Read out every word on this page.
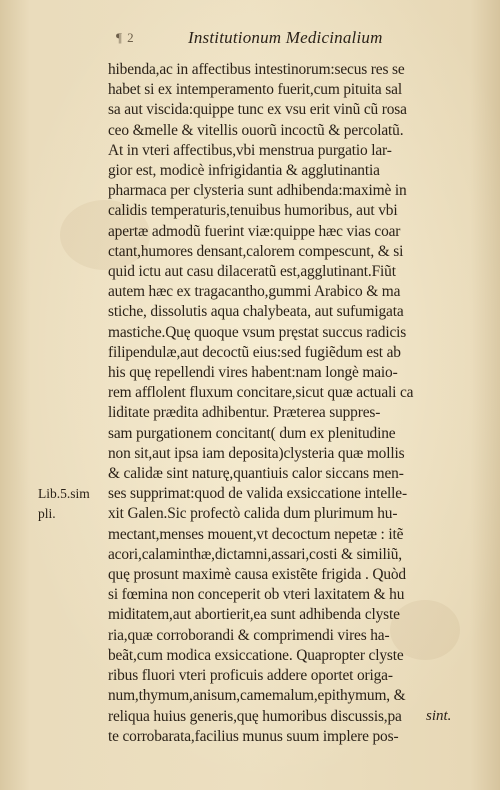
¶ 2	Institutionum Medicinalium
Lib.5.sim
pli.
hibenda,ac in affectibus intestinorum:secus res se
habet si ex intemperamento fuerit,cum pituita sal
sa aut viscida:quippe tunc ex vsu erit vinũ cũ rosa
ceo &melle & vitellis ouorũ incoctũ & percolatũ.
At in vteri affectibus,vbi menstrua purgatio lar-
gior est, modicè infrigidantia & agglutinantia
pharmaca per clysteria sunt adhibenda:maximè in
calidis temperaturis,tenuibus humoribus, aut vbi
apertæ admodũ fuerint viæ:quippe hæc vias coar
ctant,humores densant,calorem compescunt, & si
quid ictu aut casu dilaceratũ est,agglutinant.Fiũt
autem hæc ex tragacantho,gummi Arabico & ma
stiche, dissolutis aqua chalybeata, aut sufumigata
mastiche.Quę quoque vsum pręstat succus radicis
filipendulæ,aut decoctũ eius:sed fugiẽdum est ab
his quę repellendi vires habent:nam longè maio-
rem afflolent fluxum concitare,sicut quæ actuali ca
liditate prædita adhibentur. Præterea suppres-
sam purgationem concitant( dum ex plenitudine
non sit,aut ipsa iam deposita)clysteria quæ mollis
& calidæ sint naturę,quantiuis calor siccans men-
ses supprimat:quod de valida exsiccatione intelle-
xit Galen.Sic profectò calida dum plurimum hu-
mectant,menses mouent,vt decoctum nepetæ : itẽ
acori,calaminthæ,dictamni,assari,costi & similiũ,
quę prosunt maximè causa existẽte frigida . Quòd
si fœmina non conceperit ob vteri laxitatem & hu
miditatem,aut abortierit,ea sunt adhibenda clyste
ria,quæ corroborandi & comprimendi vires ha-
beãt,cum modica exsiccatione. Quapropter clyste
ribus fluori vteri proficuis addere oportet origa-
num,thymum,anisum,camemalum,epithymum, &
reliqua huius generis,quę humoribus discussis,pa
te corrobarata,facilius munus suum implere pos-
sint.
